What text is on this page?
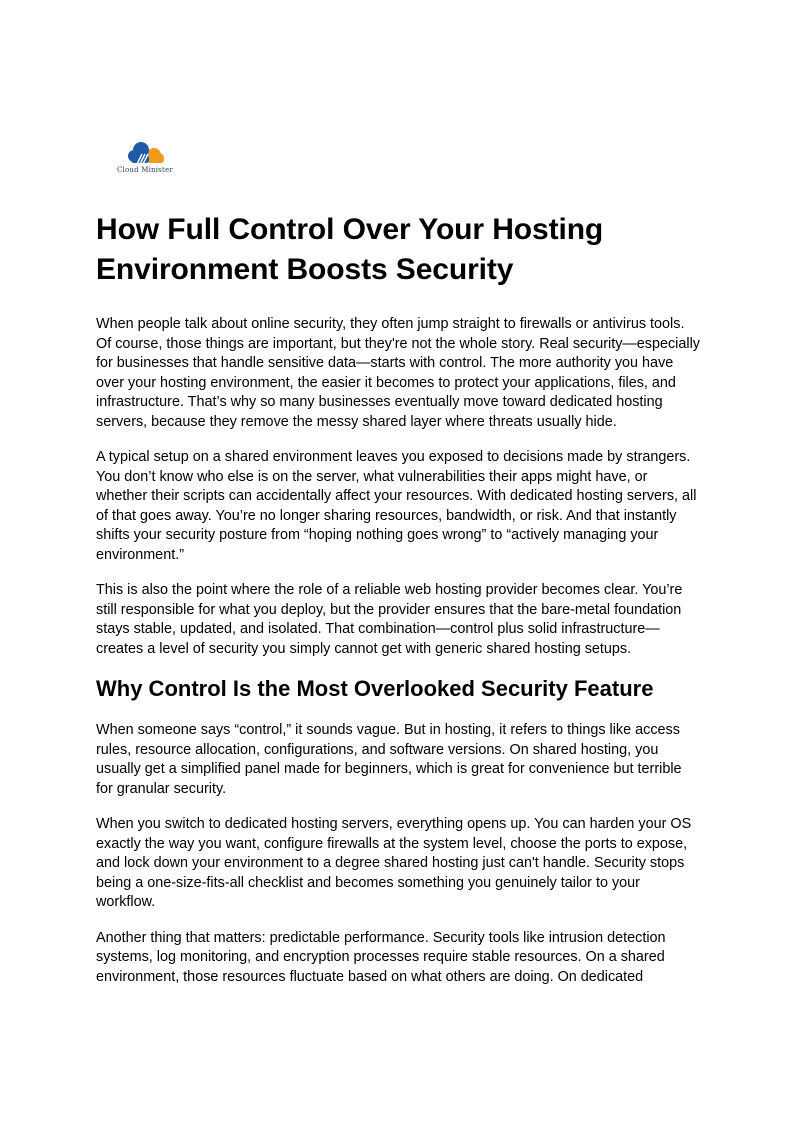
Cloud Minister
How Full Control Over Your Hosting Environment Boosts Security

When people talk about online security, they often jump straight to firewalls or antivirus tools. Of course, those things are important, but they're not the whole story. Real security—especially for businesses that handle sensitive data—starts with control. The more authority you have over your hosting environment, the easier it becomes to protect your applications, files, and infrastructure. That’s why so many businesses eventually move toward dedicated hosting servers, because they remove the messy shared layer where threats usually hide.

A typical setup on a shared environment leaves you exposed to decisions made by strangers. You don’t know who else is on the server, what vulnerabilities their apps might have, or whether their scripts can accidentally affect your resources. With dedicated hosting servers, all of that goes away. You’re no longer sharing resources, bandwidth, or risk. And that instantly shifts your security posture from “hoping nothing goes wrong” to “actively managing your environment.”

This is also the point where the role of a reliable web hosting provider becomes clear. You’re still responsible for what you deploy, but the provider ensures that the bare-metal foundation stays stable, updated, and isolated. That combination—control plus solid infrastructure—creates a level of security you simply cannot get with generic shared hosting setups.

Why Control Is the Most Overlooked Security Feature

When someone says “control,” it sounds vague. But in hosting, it refers to things like access rules, resource allocation, configurations, and software versions. On shared hosting, you usually get a simplified panel made for beginners, which is great for convenience but terrible for granular security.

When you switch to dedicated hosting servers, everything opens up. You can harden your OS exactly the way you want, configure firewalls at the system level, choose the ports to expose, and lock down your environment to a degree shared hosting just can't handle. Security stops being a one-size-fits-all checklist and becomes something you genuinely tailor to your workflow.

Another thing that matters: predictable performance. Security tools like intrusion detection systems, log monitoring, and encryption processes require stable resources. On a shared environment, those resources fluctuate based on what others are doing. On dedicated
